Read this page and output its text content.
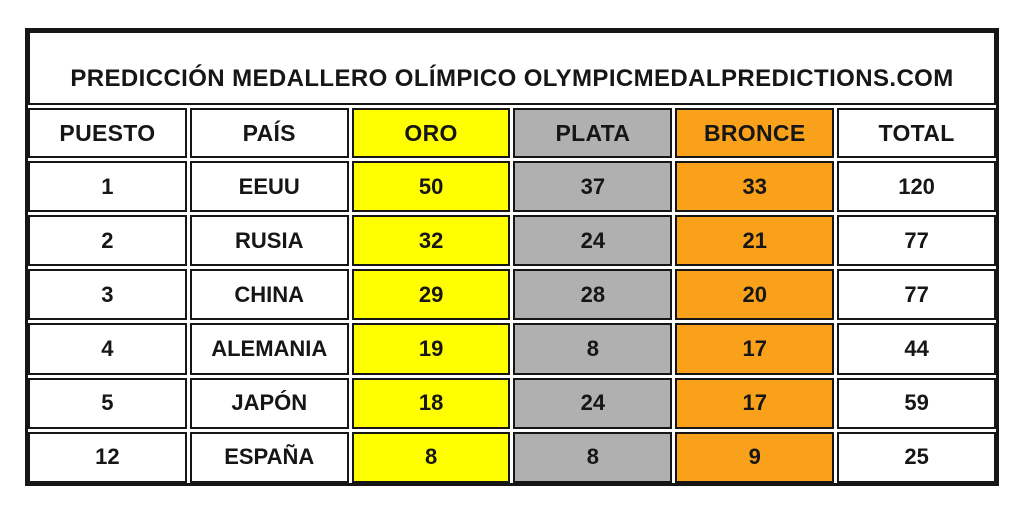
PREDICCIÓN MEDALLERO OLÍMPICO OLYMPICMEDALPREDICTIONS.COM					
PUESTO	PAÍS	ORO	PLATA	BRONCE	TOTAL
1	EEUU	50	37	33	120
2	RUSIA	32	24	21	77
3	CHINA	29	28	20	77
4	ALEMANIA	19	8	17	44
5	JAPÓN	18	24	17	59
12	ESPAÑA	8	8	9	25
